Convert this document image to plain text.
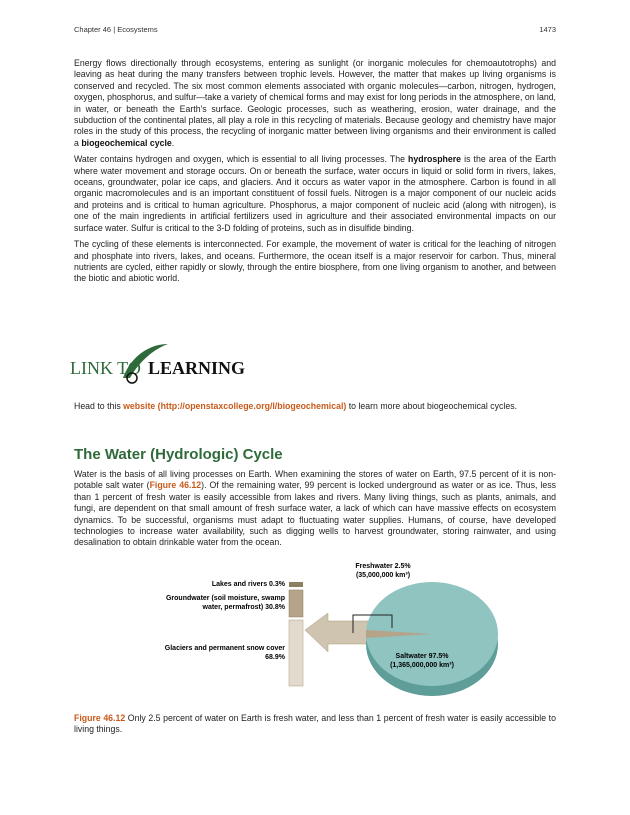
Chapter 46 | Ecosystems	1473

Energy flows directionally through ecosystems, entering as sunlight (or inorganic molecules for chemoautotrophs) and leaving as heat during the many transfers between trophic levels. However, the matter that makes up living organisms is conserved and recycled. The six most common elements associated with organic molecules—carbon, nitrogen, hydrogen, oxygen, phosphorus, and sulfur—take a variety of chemical forms and may exist for long periods in the atmosphere, on land, in water, or beneath the Earth's surface. Geologic processes, such as weathering, erosion, water drainage, and the subduction of the continental plates, all play a role in this recycling of materials. Because geology and chemistry have major roles in the study of this process, the recycling of inorganic matter between living organisms and their environment is called a biogeochemical cycle.

Water contains hydrogen and oxygen, which is essential to all living processes. The hydrosphere is the area of the Earth where water movement and storage occurs. On or beneath the surface, water occurs in liquid or solid form in rivers, lakes, oceans, groundwater, polar ice caps, and glaciers. And it occurs as water vapor in the atmosphere. Carbon is found in all organic macromolecules and is an important constituent of fossil fuels. Nitrogen is a major component of our nucleic acids and proteins and is critical to human agriculture. Phosphorus, a major component of nucleic acid (along with nitrogen), is one of the main ingredients in artificial fertilizers used in agriculture and their associated environmental impacts on our surface water. Sulfur is critical to the 3-D folding of proteins, such as in disulfide binding.

The cycling of these elements is interconnected. For example, the movement of water is critical for the leaching of nitrogen and phosphate into rivers, lakes, and oceans. Furthermore, the ocean itself is a major reservoir for carbon. Thus, mineral nutrients are cycled, either rapidly or slowly, through the entire biosphere, from one living organism to another, and between the biotic and abiotic world.

LINK TO LEARNING

Head to this website (http://openstaxcollege.org/l/biogeochemical) to learn more about biogeochemical cycles.

The Water (Hydrologic) Cycle

Water is the basis of all living processes on Earth. When examining the stores of water on Earth, 97.5 percent of it is non-potable salt water (Figure 46.12). Of the remaining water, 99 percent is locked underground as water or as ice. Thus, less than 1 percent of fresh water is easily accessible from lakes and rivers. Many living things, such as plants, animals, and fungi, are dependent on that small amount of fresh surface water, a lack of which can have massive effects on ecosystem dynamics. To be successful, organisms must adapt to fluctuating water supplies. Humans, of course, have developed technologies to increase water availability, such as digging wells to harvest groundwater, storing rainwater, and using desalination to obtain drinkable water from the ocean.

Freshwater 2.5%
(35,000,000 km³)
Saltwater 97.5%
(1,365,000,000 km³)
Lakes and rivers 0.3%
Groundwater (soil moisture, swamp
water, permafrost) 30.8%
Glaciers and permanent snow cover
68.9%

Figure 46.12 Only 2.5 percent of water on Earth is fresh water, and less than 1 percent of fresh water is easily accessible to living things.
